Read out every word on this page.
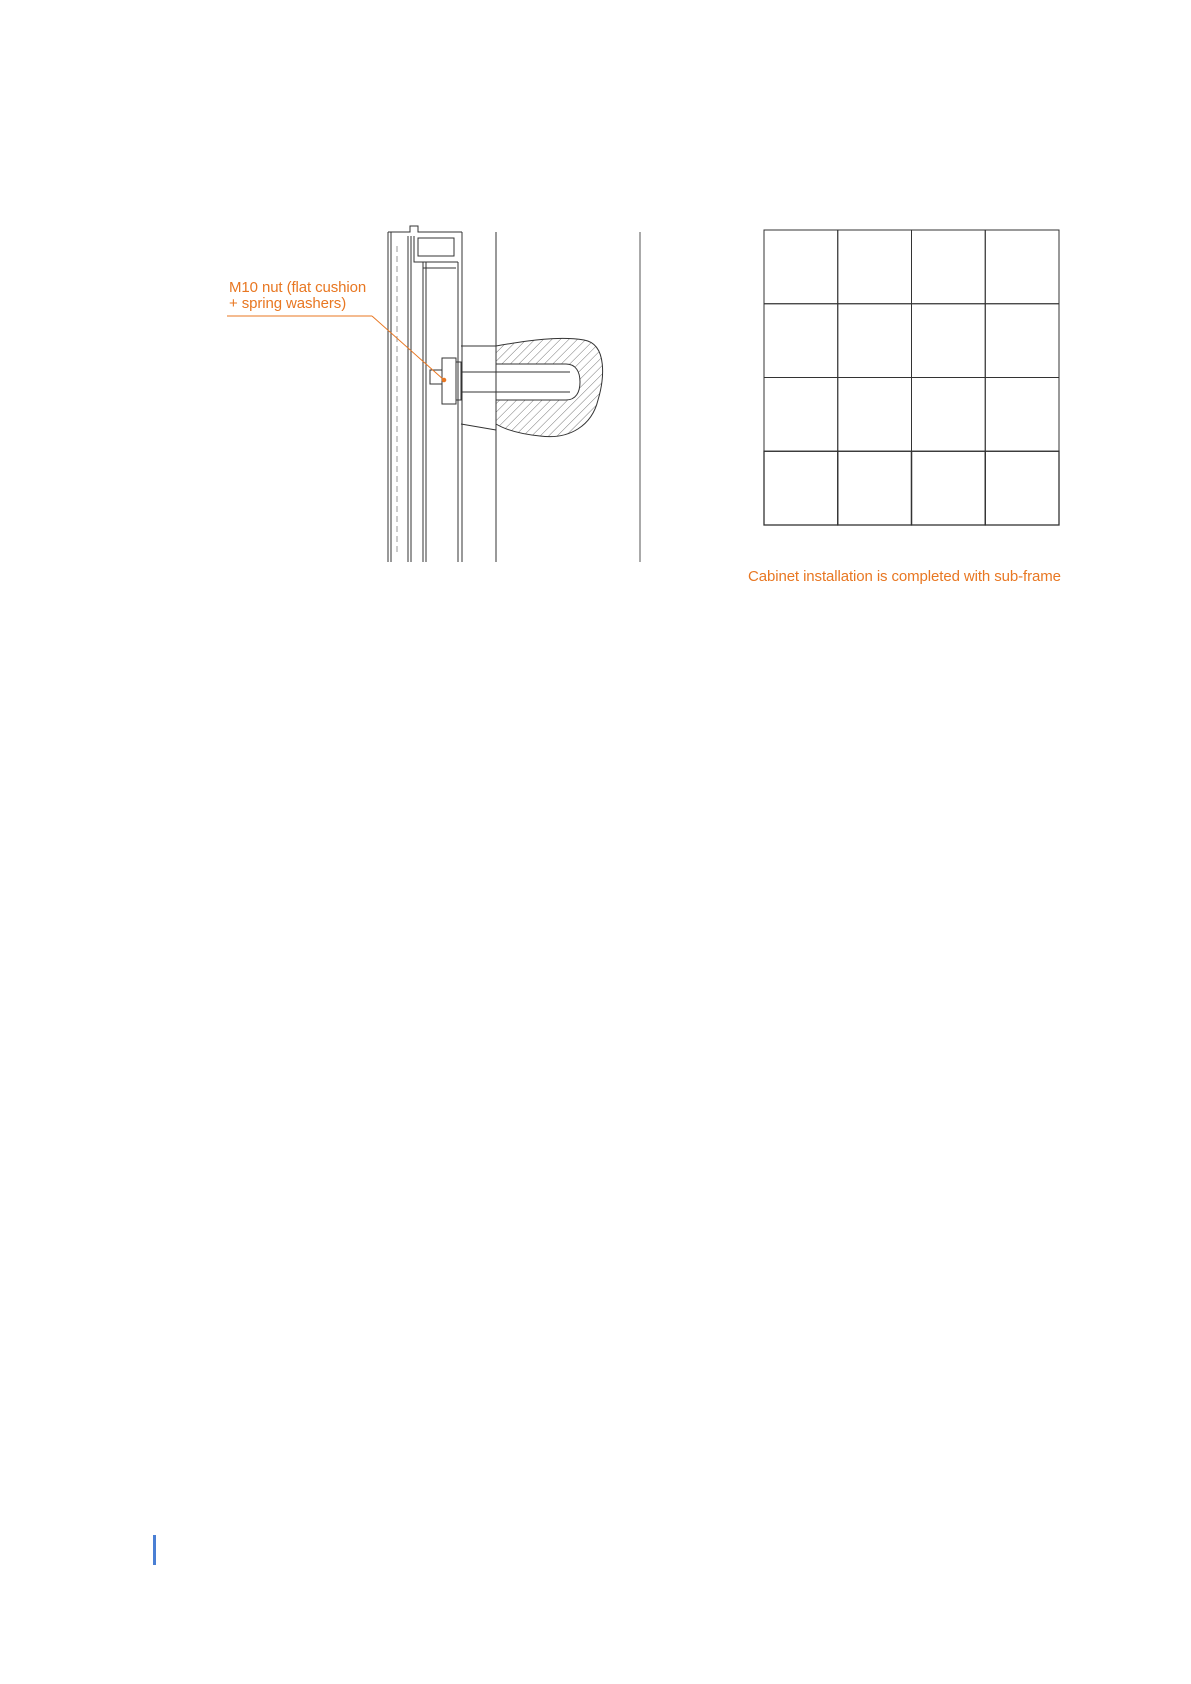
M10 nut (flat cushion
+ spring washers)
Cabinet installation is completed with sub-frame
